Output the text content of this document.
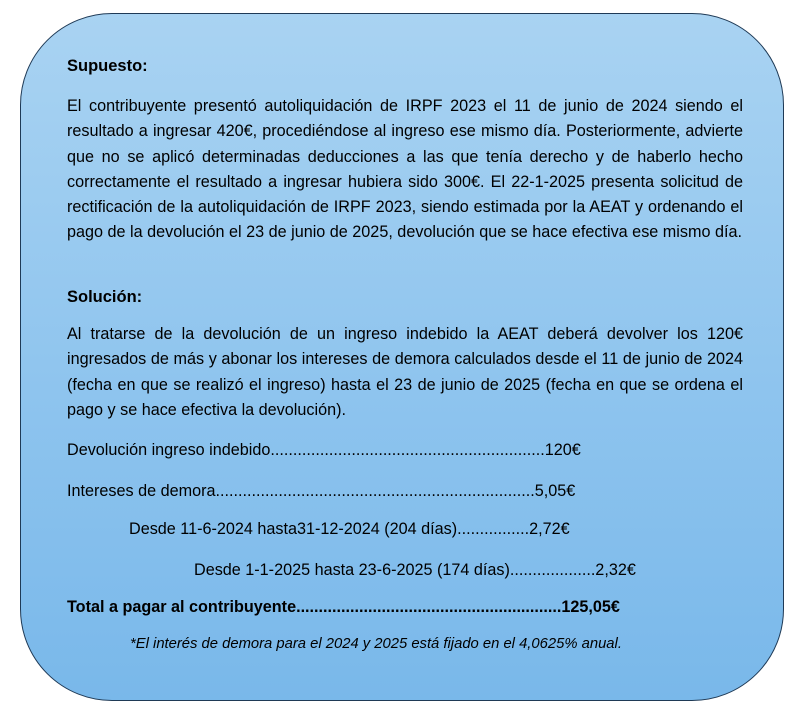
Supuesto:
El contribuyente presentó autoliquidación de IRPF 2023 el 11 de junio de 2024 siendo el resultado a ingresar 420€, procediéndose al ingreso ese mismo día. Posteriormente, advierte que no se aplicó determinadas deducciones a las que tenía derecho y de haberlo hecho correctamente el resultado a ingresar hubiera sido 300€. El 22-1-2025 presenta solicitud de rectificación de la autoliquidación de IRPF 2023, siendo estimada por la AEAT y ordenando el pago de la devolución el 23 de junio de 2025, devolución que se hace efectiva ese mismo día.
Solución:
Al tratarse de la devolución de un ingreso indebido la AEAT deberá devolver los 120€ ingresados de más y abonar los intereses de demora calculados desde el 11 de junio de 2024 (fecha en que se realizó el ingreso) hasta el 23 de junio de 2025 (fecha en que se ordena el pago y se hace efectiva la devolución).
Devolución ingreso indebido.............................................................120€
Intereses de demora.......................................................................5,05€
Desde 11-6-2024 hasta31-12-2024 (204 días)................2,72€
Desde 1-1-2025 hasta 23-6-2025 (174 días)...................2,32€
Total a pagar al contribuyente...........................................................125,05€
*El interés de demora para el 2024 y 2025 está fijado en el 4,0625% anual.
